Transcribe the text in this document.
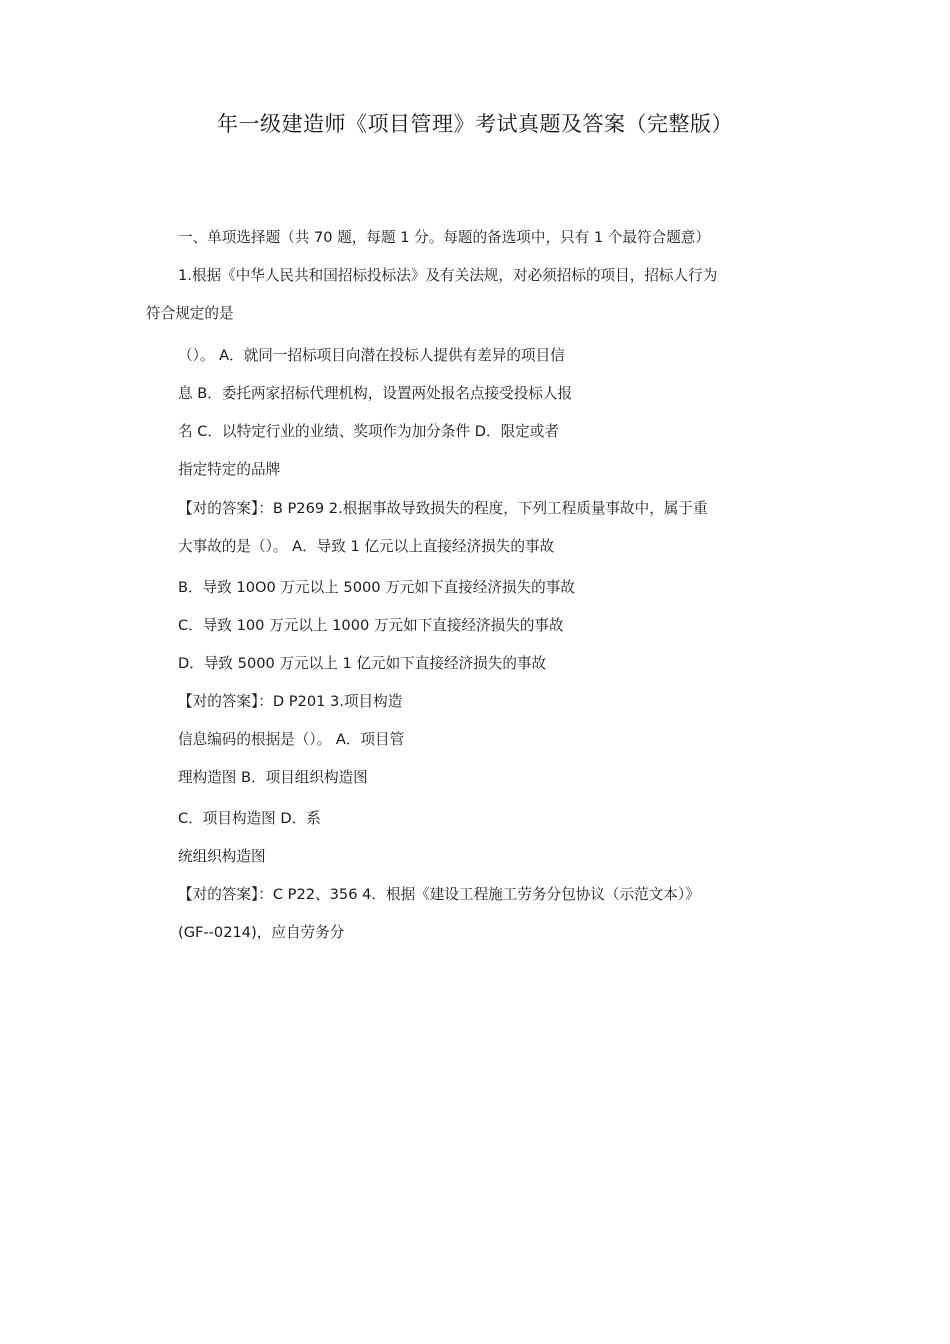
年一级建造师《项目管理》考试真题及答案（完整版）
一、单项选择题（共 70 题，每题 1 分。每题的备选项中，只有 1 个最符合题意）
1.根据《中华人民共和国招标投标法》及有关法规，对必须招标的项目，招标人行为
符合规定的是
（）。 A．就同一招标项目向潜在投标人提供有差异的项目信
息 B．委托两家招标代理机构，设置两处报名点接受投标人报
名 C．以特定行业的业绩、奖项作为加分条件 D．限定或者
指定特定的品牌
【对的答案】：B P269 2.根据事故导致损失的程度，下列工程质量事故中，属于重
大事故的是（）。 A．导致 1 亿元以上直接经济损失的事故
B．导致 10O0 万元以上 5000 万元如下直接经济损失的事故
C．导致 100 万元以上 1000 万元如下直接经济损失的事故
D．导致 5000 万元以上 1 亿元如下直接经济损失的事故
【对的答案】：D P201 3.项目构造
信息编码的根据是（）。 A．项目管
理构造图 B．项目组织构造图
C．项目构造图 D．系
统组织构造图
【对的答案】：C P22、356 4．根据《建设工程施工劳务分包协议（示范文本）》
(GF--0214)，应自劳务分
